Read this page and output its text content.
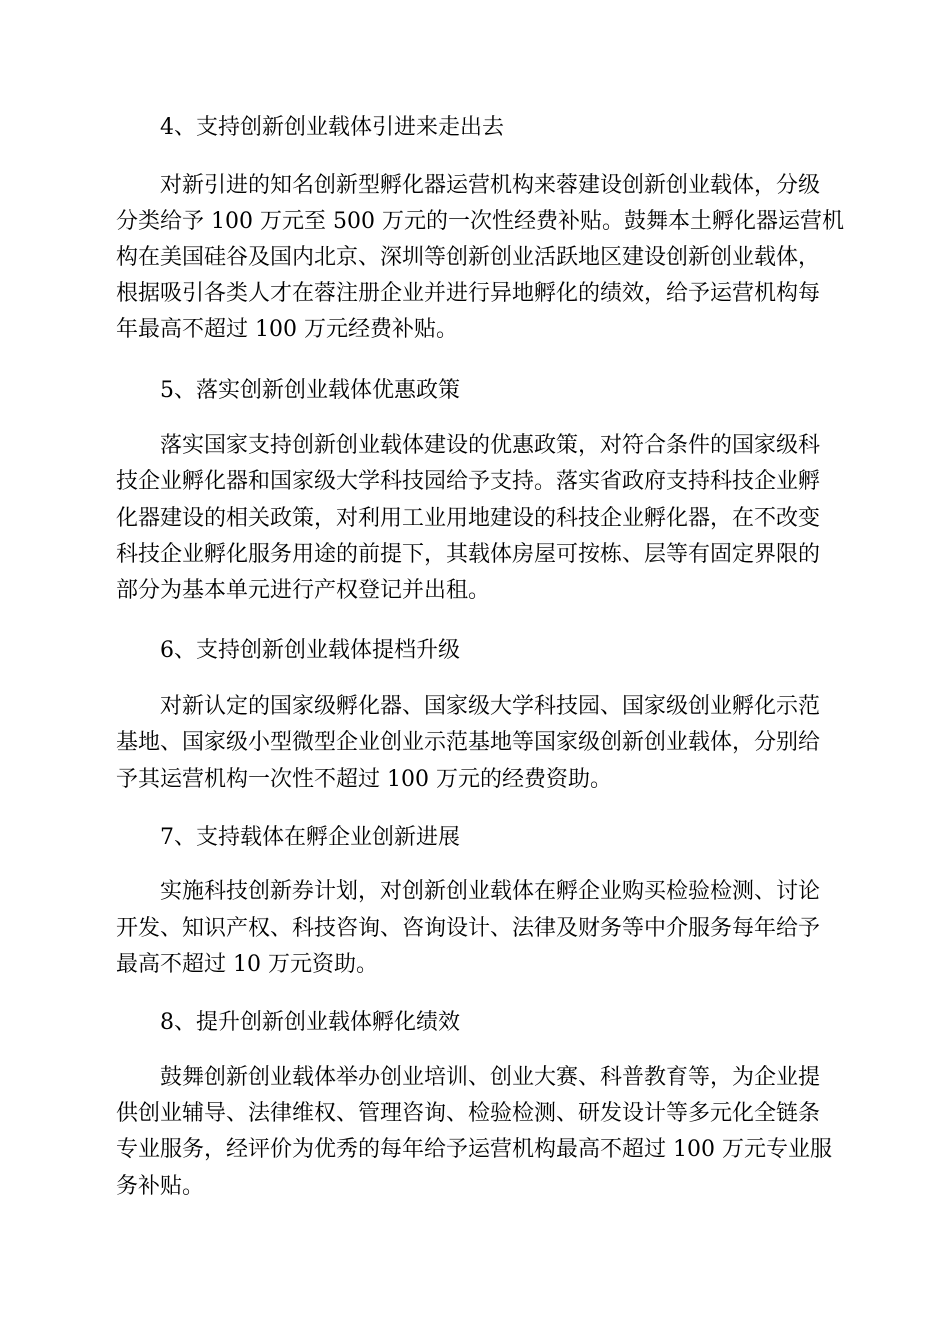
4、支持创新创业载体引进来走出去
对新引进的知名创新型孵化器运营机构来蓉建设创新创业载体，分级
分类给予 100 万元至 500 万元的一次性经费补贴。鼓舞本土孵化器运营机
构在美国硅谷及国内北京、深圳等创新创业活跃地区建设创新创业载体，
根据吸引各类人才在蓉注册企业并进行异地孵化的绩效，给予运营机构每
年最高不超过 100 万元经费补贴。
5、落实创新创业载体优惠政策
落实国家支持创新创业载体建设的优惠政策，对符合条件的国家级科
技企业孵化器和国家级大学科技园给予支持。落实省政府支持科技企业孵
化器建设的相关政策，对利用工业用地建设的科技企业孵化器，在不改变
科技企业孵化服务用途的前提下，其载体房屋可按栋、层等有固定界限的
部分为基本单元进行产权登记并出租。
6、支持创新创业载体提档升级
对新认定的国家级孵化器、国家级大学科技园、国家级创业孵化示范
基地、国家级小型微型企业创业示范基地等国家级创新创业载体，分别给
予其运营机构一次性不超过 100 万元的经费资助。
7、支持载体在孵企业创新进展
实施科技创新券计划，对创新创业载体在孵企业购买检验检测、讨论
开发、知识产权、科技咨询、咨询设计、法律及财务等中介服务每年给予
最高不超过 10 万元资助。
8、提升创新创业载体孵化绩效
鼓舞创新创业载体举办创业培训、创业大赛、科普教育等，为企业提
供创业辅导、法律维权、管理咨询、检验检测、研发设计等多元化全链条
专业服务，经评价为优秀的每年给予运营机构最高不超过 100 万元专业服
务补贴。
